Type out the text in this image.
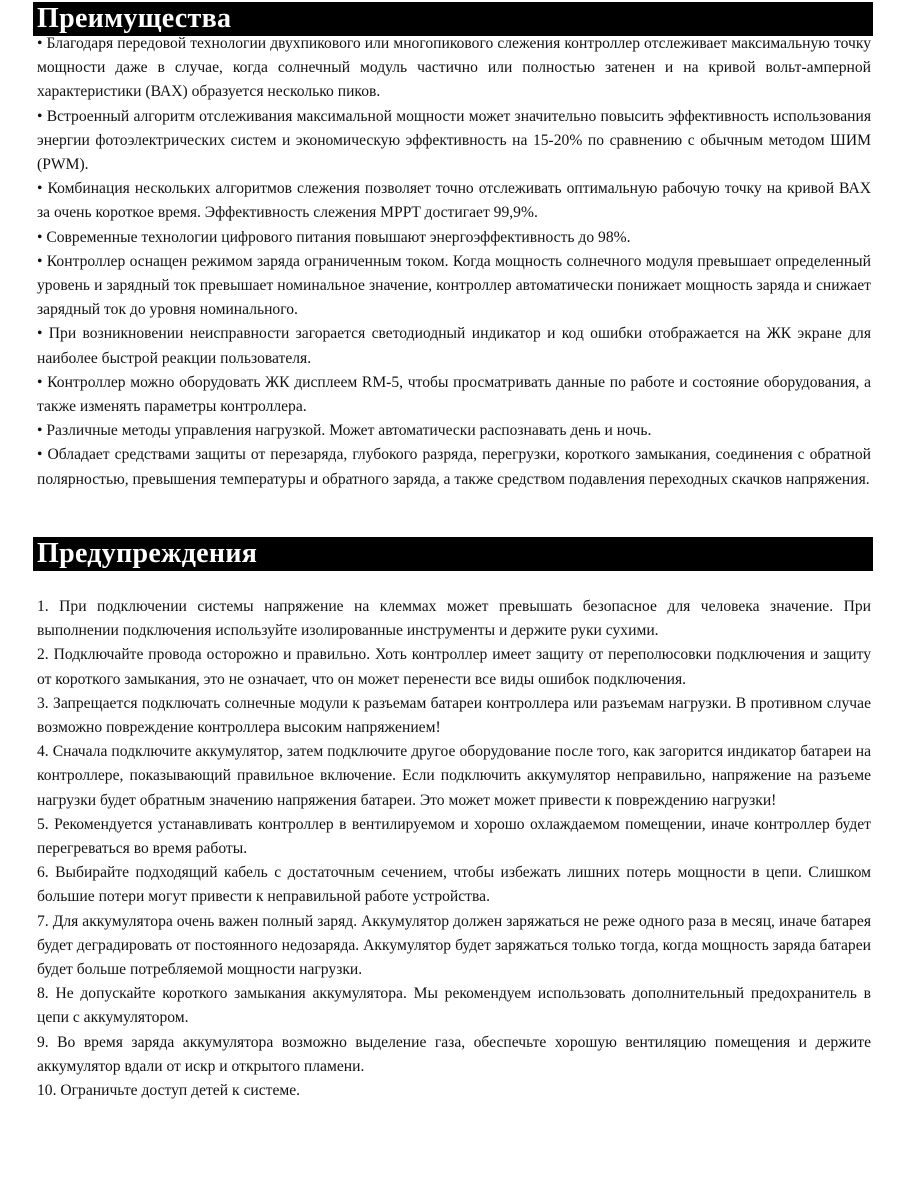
Преимущества

• Благодаря передовой технологии двухпикового или многопикового слежения контроллер отслеживает максимальную точку мощности даже в случае, когда солнечный модуль частично или полностью затенен и на кривой вольт-амперной характеристики (ВАХ) образуется несколько пиков.

• Встроенный алгоритм отслеживания максимальной мощности может значительно повысить эффективность использования энергии фотоэлектрических систем и экономическую эффективность на 15-20% по сравнению с обычным методом ШИМ (PWM).

• Комбинация нескольких алгоритмов слежения позволяет точно отслеживать оптимальную рабочую точку на кривой ВАХ за очень короткое время. Эффективность слежения MPPT достигает 99,9%.

• Современные технологии цифрового питания повышают энергоэффективность до 98%.

• Контроллер оснащен режимом заряда ограниченным током. Когда мощность солнечного модуля превышает определенный уровень и зарядный ток превышает номинальное значение, контроллер автоматически понижает мощность заряда и снижает зарядный ток до уровня номинального.

• При возникновении неисправности загорается светодиодный индикатор и код ошибки отображается на ЖК экране для наиболее быстрой реакции пользователя.

• Контроллер можно оборудовать ЖК дисплеем RM-5, чтобы просматривать данные по работе и состояние оборудования, а также изменять параметры контроллера.

• Различные методы управления нагрузкой. Может автоматически распознавать день и ночь.

• Обладает средствами защиты от перезаряда, глубокого разряда, перегрузки, короткого замыкания, соединения с обратной полярностью, превышения температуры и обратного заряда, а также средством подавления переходных скачков напряжения.

Предупреждения

1. При подключении системы напряжение на клеммах может превышать безопасное для человека значение. При выполнении подключения используйте изолированные инструменты и держите руки сухими.

2. Подключайте провода осторожно и правильно. Хоть контроллер имеет защиту от переполюсовки подключения и защиту от короткого замыкания, это не означает, что он может перенести все виды ошибок подключения.

3. Запрещается подключать солнечные модули к разъемам батареи контроллера или разъемам нагрузки. В противном случае возможно повреждение контроллера высоким напряжением!

4. Сначала подключите аккумулятор, затем подключите другое оборудование после того, как загорится индикатор батареи на контроллере, показывающий правильное включение. Если подключить аккумулятор неправильно, напряжение на разъеме нагрузки будет обратным значению напряжения батареи. Это может может привести к повреждению нагрузки!

5. Рекомендуется устанавливать контроллер в вентилируемом и хорошо охлаждаемом помещении, иначе контроллер будет перегреваться во время работы.

6. Выбирайте подходящий кабель с достаточным сечением, чтобы избежать лишних потерь мощности в цепи. Слишком большие потери могут привести к неправильной работе устройства.

7. Для аккумулятора очень важен полный заряд. Аккумулятор должен заряжаться не реже одного раза в месяц, иначе батарея будет деградировать от постоянного недозаряда. Аккумулятор будет заряжаться только тогда, когда мощность заряда батареи будет больше потребляемой мощности нагрузки.

8. Не допускайте короткого замыкания аккумулятора. Мы рекомендуем использовать дополнительный предохранитель в цепи с аккумулятором.

9. Во время заряда аккумулятора возможно выделение газа, обеспечьте хорошую вентиляцию помещения и держите аккумулятор вдали от искр и открытого пламени.

10. Ограничьте доступ детей к системе.
